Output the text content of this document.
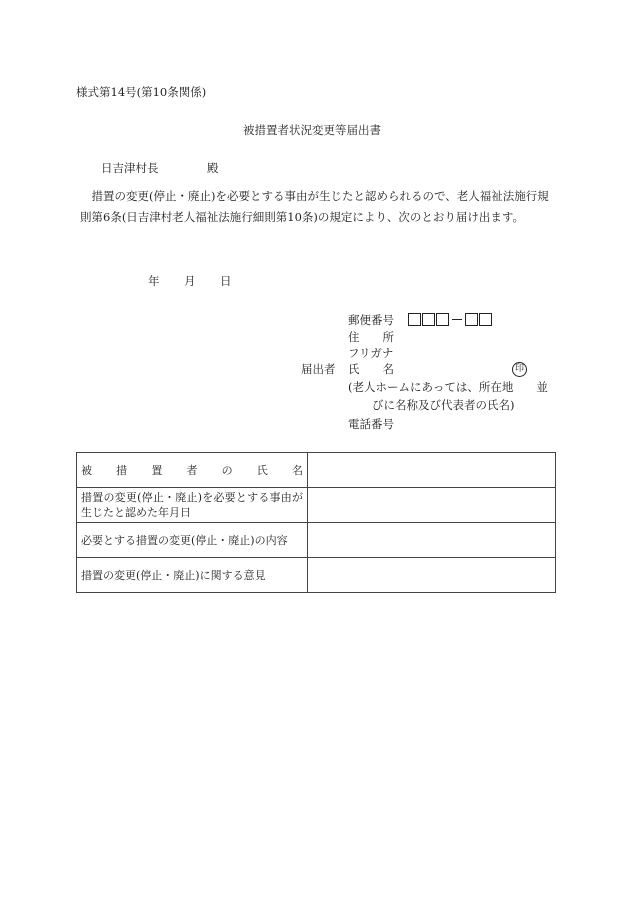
様式第14号(第10条関係)
被措置者状況変更等届出書
日吉津村長	殿
措置の変更(停止・廃止)を必要とする事由が生じたと認められるので、老人福祉法施行規則第6条(日吉津村老人福祉法施行細則第10条)の規定により、次のとおり届け出ます。
年 月 日
郵便番号
住　　所
フリガナ
届出者 氏　　名	印
(老人ホームにあっては、所在地　　並
びに名称及び代表者の氏名)
電話番号
被 措 置 者 の 氏 名

措置の変更(停止・廃止)を必要とする事由が生じたと認めた年月日	
必要とする措置の変更(停止・廃止)の内容	
措置の変更(停止・廃止)に関する意見	
